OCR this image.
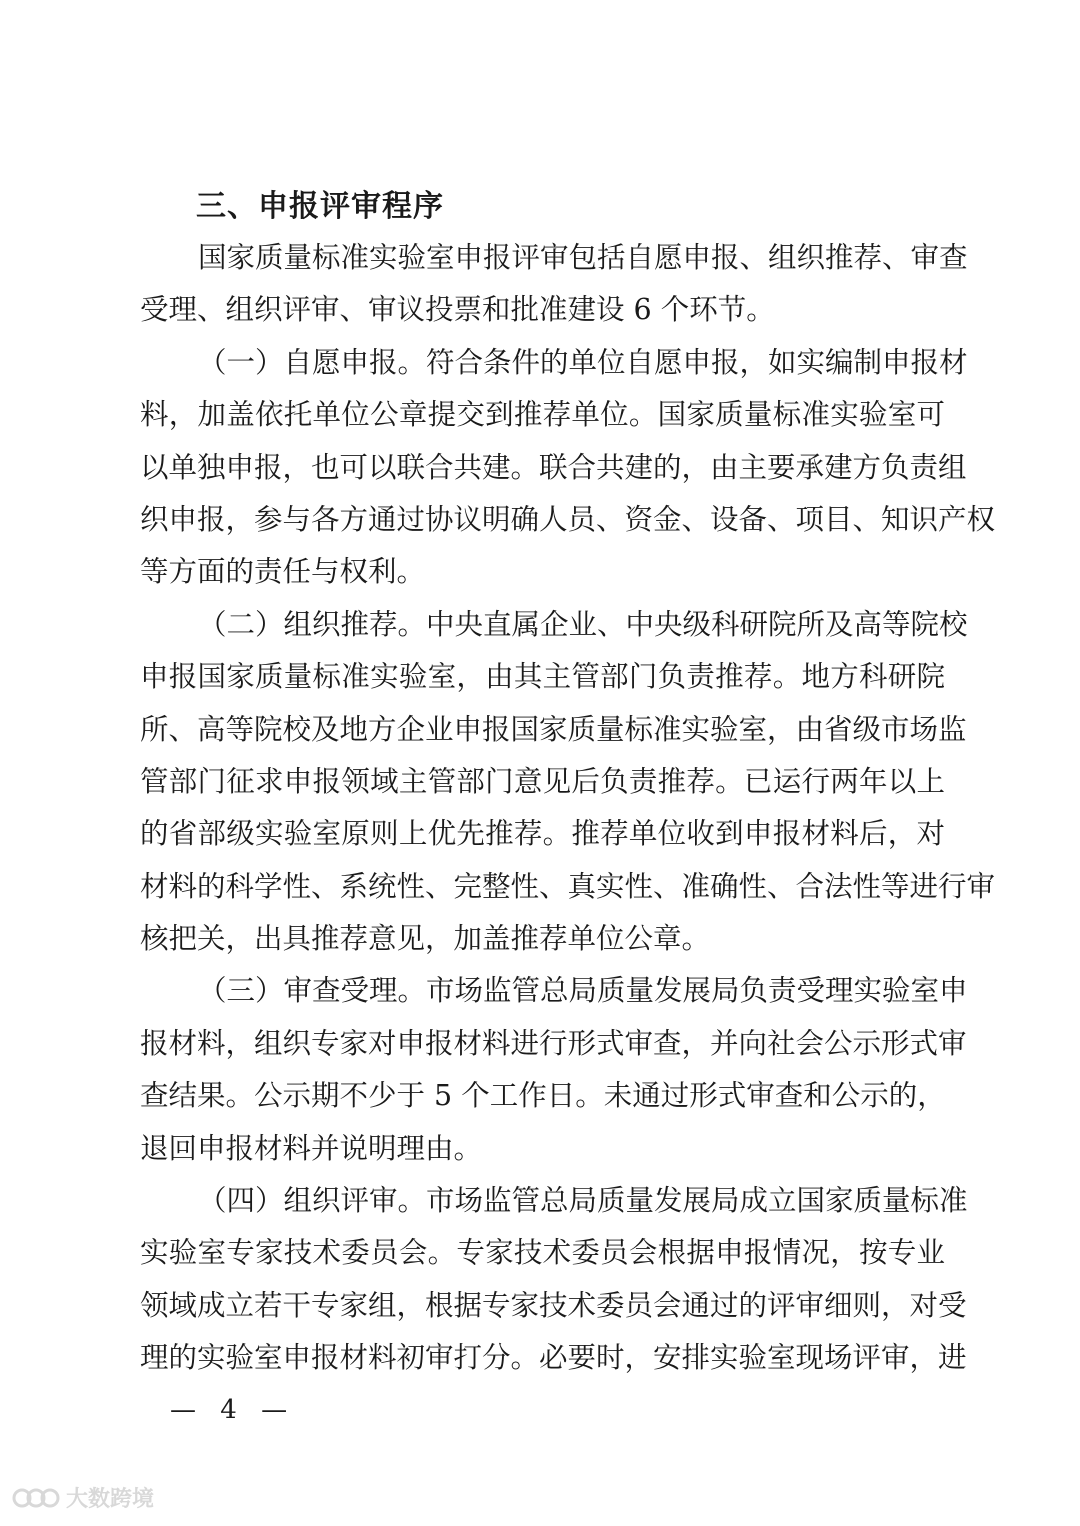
三、申报评审程序
国家质量标准实验室申报评审包括自愿申报、组织推荐、审查
受理、组织评审、审议投票和批准建设 6 个环节。
（一）自愿申报。符合条件的单位自愿申报，如实编制申报材
料，加盖依托单位公章提交到推荐单位。国家质量标准实验室可
以单独申报，也可以联合共建。联合共建的，由主要承建方负责组
织申报，参与各方通过协议明确人员、资金、设备、项目、知识产权
等方面的责任与权利。
（二）组织推荐。中央直属企业、中央级科研院所及高等院校
申报国家质量标准实验室，由其主管部门负责推荐。地方科研院
所、高等院校及地方企业申报国家质量标准实验室，由省级市场监
管部门征求申报领域主管部门意见后负责推荐。已运行两年以上
的省部级实验室原则上优先推荐。推荐单位收到申报材料后，对
材料的科学性、系统性、完整性、真实性、准确性、合法性等进行审
核把关，出具推荐意见，加盖推荐单位公章。
（三）审查受理。市场监管总局质量发展局负责受理实验室申
报材料，组织专家对申报材料进行形式审查，并向社会公示形式审
查结果。公示期不少于 5 个工作日。未通过形式审查和公示的，
退回申报材料并说明理由。
（四）组织评审。市场监管总局质量发展局成立国家质量标准
实验室专家技术委员会。专家技术委员会根据申报情况，按专业
领域成立若干专家组，根据专家技术委员会通过的评审细则，对受
理的实验室申报材料初审打分。必要时，安排实验室现场评审，进
— 4 —
大数跨境
